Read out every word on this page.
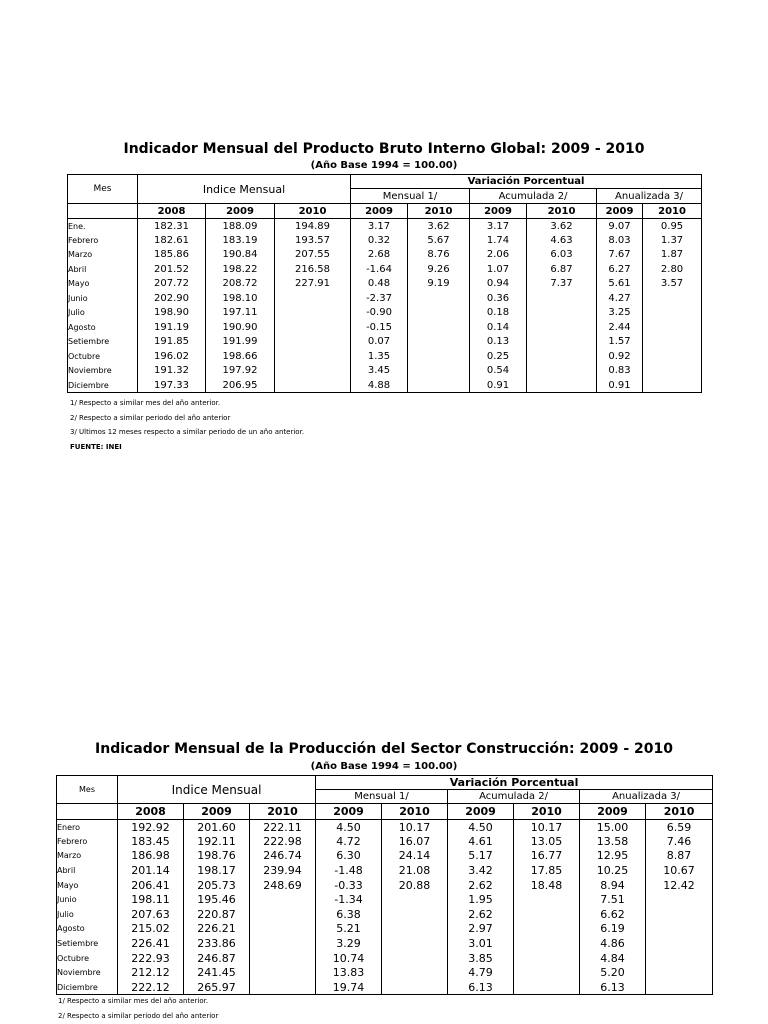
Indicador Mensual del Producto Bruto Interno Global: 2009 - 2010
(Año Base 1994 = 100.00)
Mes	Indice Mensual			Variación Porcentual					
				Mensual 1/		Acumulada 2/		Anualizada 3/	
	2008	2009	2010	2009	2010	2009	2010	2009	2010
Ene.	182.31	188.09	194.89	3.17	3.62	3.17	3.62	9.07	0.95
Febrero	182.61	183.19	193.57	0.32	5.67	1.74	4.63	8.03	1.37
Marzo	185.86	190.84	207.55	2.68	8.76	2.06	6.03	7.67	1.87
Abril	201.52	198.22	216.58	-1.64	9.26	1.07	6.87	6.27	2.80
Mayo	207.72	208.72	227.91	0.48	9.19	0.94	7.37	5.61	3.57
Junio	202.90	198.10		-2.37		0.36		4.27	
Julio	198.90	197.11		-0.90		0.18		3.25	
Agosto	191.19	190.90		-0.15		0.14		2.44	
Setiembre	191.85	191.99		0.07		0.13		1.57	
Octubre	196.02	198.66		1.35		0.25		0.92	
Noviembre	191.32	197.92		3.45		0.54		0.83	
Diciembre	197.33	206.95		4.88		0.91		0.91	
1/ Respecto a similar mes del año anterior.
2/ Respecto a similar periodo del año anterior
3/ Ultimos 12 meses respecto a similar periodo de un año anterior.
FUENTE: INEI
Indicador Mensual de la Producción del Sector Construcción: 2009 - 2010
(Año Base 1994 = 100.00)
Mes	Indice Mensual			Variación Porcentual					
				Mensual 1/		Acumulada 2/		Anualizada 3/	
	2008	2009	2010	2009	2010	2009	2010	2009	2010
Enero	192.92	201.60	222.11	4.50	10.17	4.50	10.17	15.00	6.59
Febrero	183.45	192.11	222.98	4.72	16.07	4.61	13.05	13.58	7.46
Marzo	186.98	198.76	246.74	6.30	24.14	5.17	16.77	12.95	8.87
Abril	201.14	198.17	239.94	-1.48	21.08	3.42	17.85	10.25	10.67
Mayo	206.41	205.73	248.69	-0.33	20.88	2.62	18.48	8.94	12.42
Junio	198.11	195.46		-1.34		1.95		7.51	
Julio	207.63	220.87		6.38		2.62		6.62	
Agosto	215.02	226.21		5.21		2.97		6.19	
Setiembre	226.41	233.86		3.29		3.01		4.86	
Octubre	222.93	246.87		10.74		3.85		4.84	
Noviembre	212.12	241.45		13.83		4.79		5.20	
Diciembre	222.12	265.97		19.74		6.13		6.13	
1/ Respecto a similar mes del año anterior.
2/ Respecto a similar periodo del año anterior
